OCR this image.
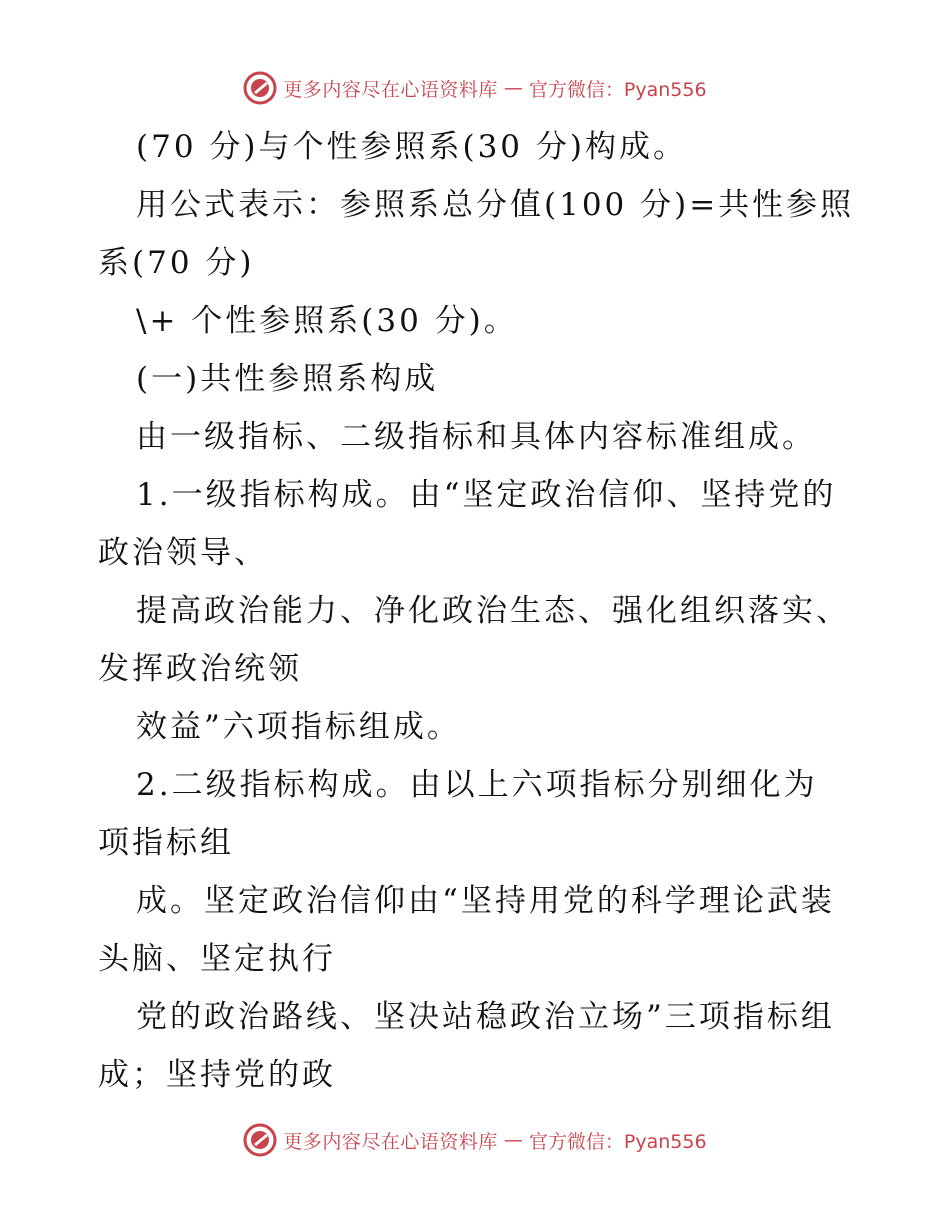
更多内容尽在心语资料库 — 官方微信：Pyan556
(70 分)与个性参照系(30 分)构成。
用公式表示：参照系总分值(100 分)=共性参照
系(70 分)
\+ 个性参照系(30 分)。
(一)共性参照系构成
由一级指标、二级指标和具体内容标准组成。
1.一级指标构成。由“坚定政治信仰、坚持党的
政治领导、
提高政治能力、净化政治生态、强化组织落实、
发挥政治统领
效益”六项指标组成。
2.二级指标构成。由以上六项指标分别细化为
项指标组
成。坚定政治信仰由“坚持用党的科学理论武装
头脑、坚定执行
党的政治路线、坚决站稳政治立场”三项指标组
成；坚持党的政
更多内容尽在心语资料库 — 官方微信：Pyan556
